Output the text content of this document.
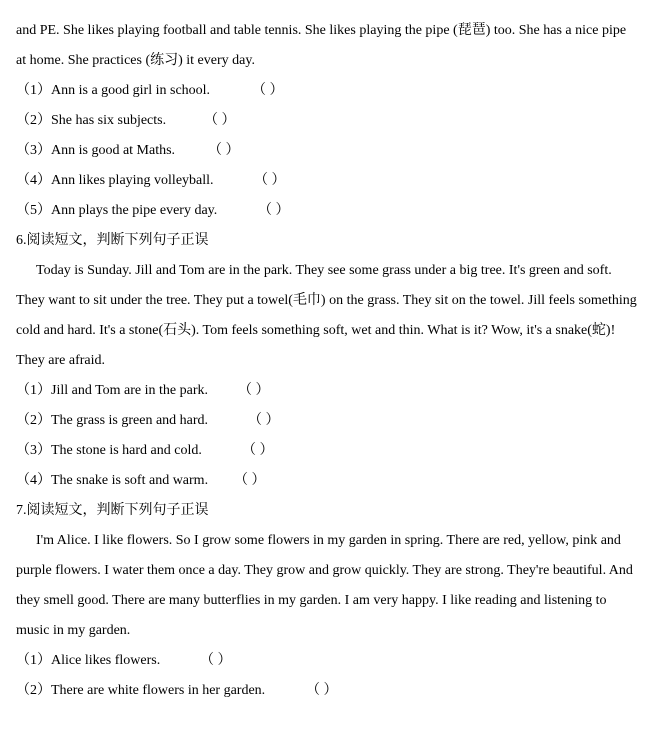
and PE. She likes playing football and table tennis. She likes playing the pipe (琵琶) too. She has a nice pipe
at home. She practices (练习) it every day.
（1）Ann is a good girl in school.	（ ）
（2）She has six subjects.	（ ）
（3）Ann is good at Maths. （ ）
（4）Ann likes playing volleyball.	（ ）
（5）Ann plays the pipe every day.	（ ）
6.阅读短文，判断下列句子正误
Today is Sunday. Jill and Tom are in the park. They see some grass under a big tree. It's green and soft.
They want to sit under the tree. They put a towel(毛巾) on the grass. They sit on the towel. Jill feels something
cold and hard. It's a stone(石头). Tom feels something soft, wet and thin. What is it? Wow, it's a snake(蛇)!
They are afraid.
（1）Jill and Tom are in the park. （ ）
（2）The grass is green and hard.	（ ）
（3）The stone is hard and cold.	（ ）
（4）The snake is soft and warm. （ ）
7.阅读短文，判断下列句子正误
I'm Alice. I like flowers. So I grow some flowers in my garden in spring. There are red, yellow, pink and
purple flowers. I water them once a day. They grow and grow quickly. They are strong. They're beautiful. And
they smell good. There are many butterflies in my garden. I am very happy. I like reading and listening to
music in my garden.
（1）Alice likes flowers.	（ ）
（2）There are white flowers in her garden.	（ ）
